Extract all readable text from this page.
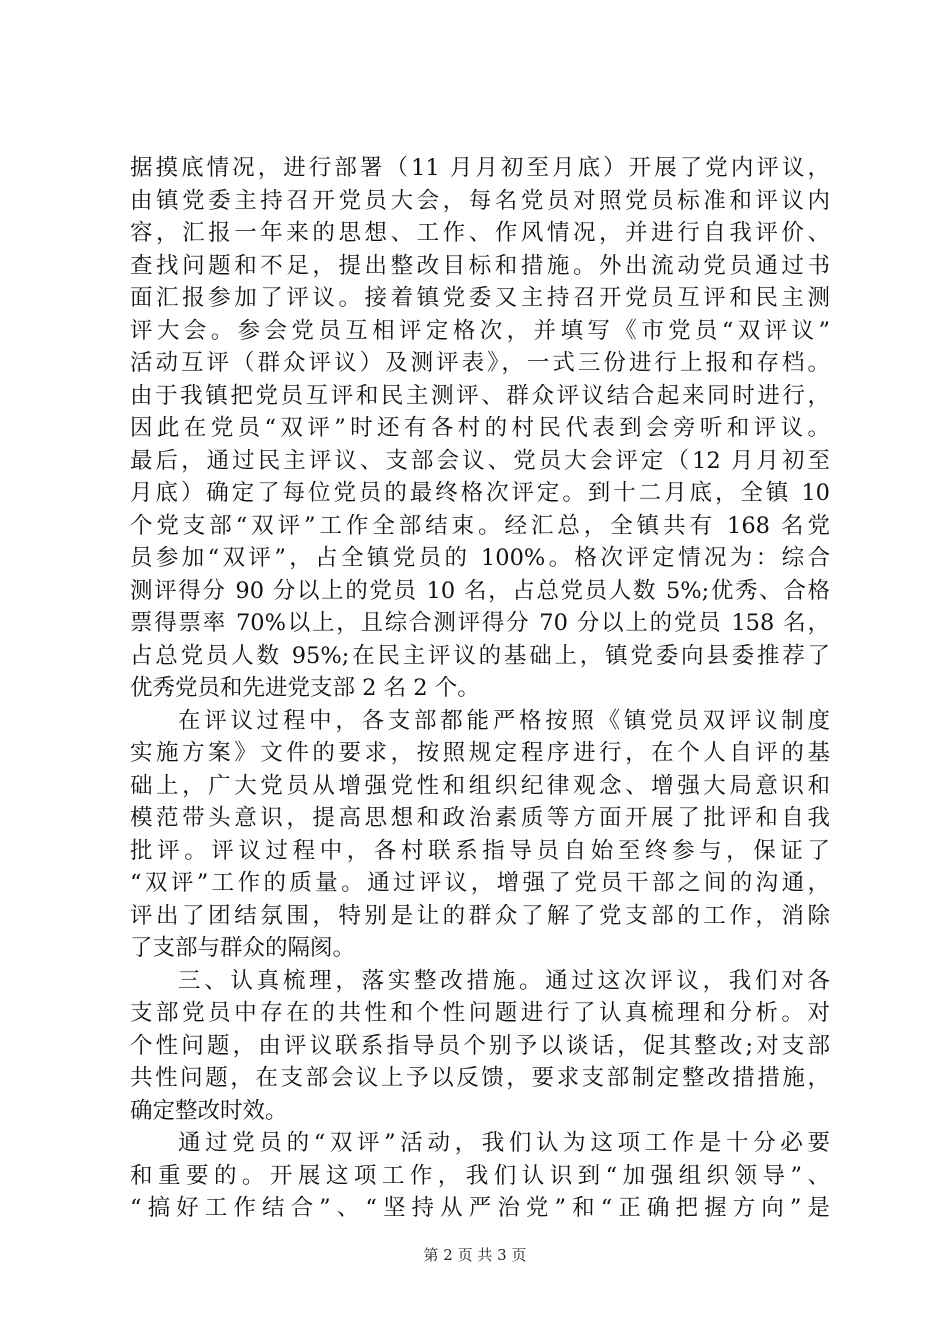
据摸底情况，进行部署（11 月月初至月底）开展了党内评议，
由镇党委主持召开党员大会，每名党员对照党员标准和评议内
容，汇报一年来的思想、工作、作风情况，并进行自我评价、
查找问题和不足，提出整改目标和措施。外出流动党员通过书
面汇报参加了评议。接着镇党委又主持召开党员互评和民主测
评大会。参会党员互相评定格次，并填写《市党员“双评议”
活动互评（群众评议）及测评表》，一式三份进行上报和存档。
由于我镇把党员互评和民主测评、群众评议结合起来同时进行，
因此在党员“双评”时还有各村的村民代表到会旁听和评议。
最后，通过民主评议、支部会议、党员大会评定（12 月月初至
月底）确定了每位党员的最终格次评定。到十二月底，全镇 10
个党支部“双评”工作全部结束。经汇总，全镇共有 168 名党
员参加“双评”，占全镇党员的 100%。格次评定情况为：综合
测评得分 90 分以上的党员 10 名，占总党员人数 5%;优秀、合格
票得票率 70%以上，且综合测评得分 70 分以上的党员 158 名，
占总党员人数 95%;在民主评议的基础上，镇党委向县委推荐了
优秀党员和先进党支部 2 名 2 个。
在评议过程中，各支部都能严格按照《镇党员双评议制度
实施方案》文件的要求，按照规定程序进行，在个人自评的基
础上，广大党员从增强党性和组织纪律观念、增强大局意识和
模范带头意识，提高思想和政治素质等方面开展了批评和自我
批评。评议过程中，各村联系指导员自始至终参与，保证了
“双评”工作的质量。通过评议，增强了党员干部之间的沟通，
评出了团结氛围，特别是让的群众了解了党支部的工作，消除
了支部与群众的隔阂。
三、认真梳理，落实整改措施。通过这次评议，我们对各
支部党员中存在的共性和个性问题进行了认真梳理和分析。对
个性问题，由评议联系指导员个别予以谈话，促其整改;对支部
共性问题，在支部会议上予以反馈，要求支部制定整改措措施，
确定整改时效。
通过党员的“双评”活动，我们认为这项工作是十分必要
和重要的。开展这项工作，我们认识到“加强组织领导”、
“搞好工作结合”、“坚持从严治党”和“正确把握方向”是
第 2 页 共 3 页
